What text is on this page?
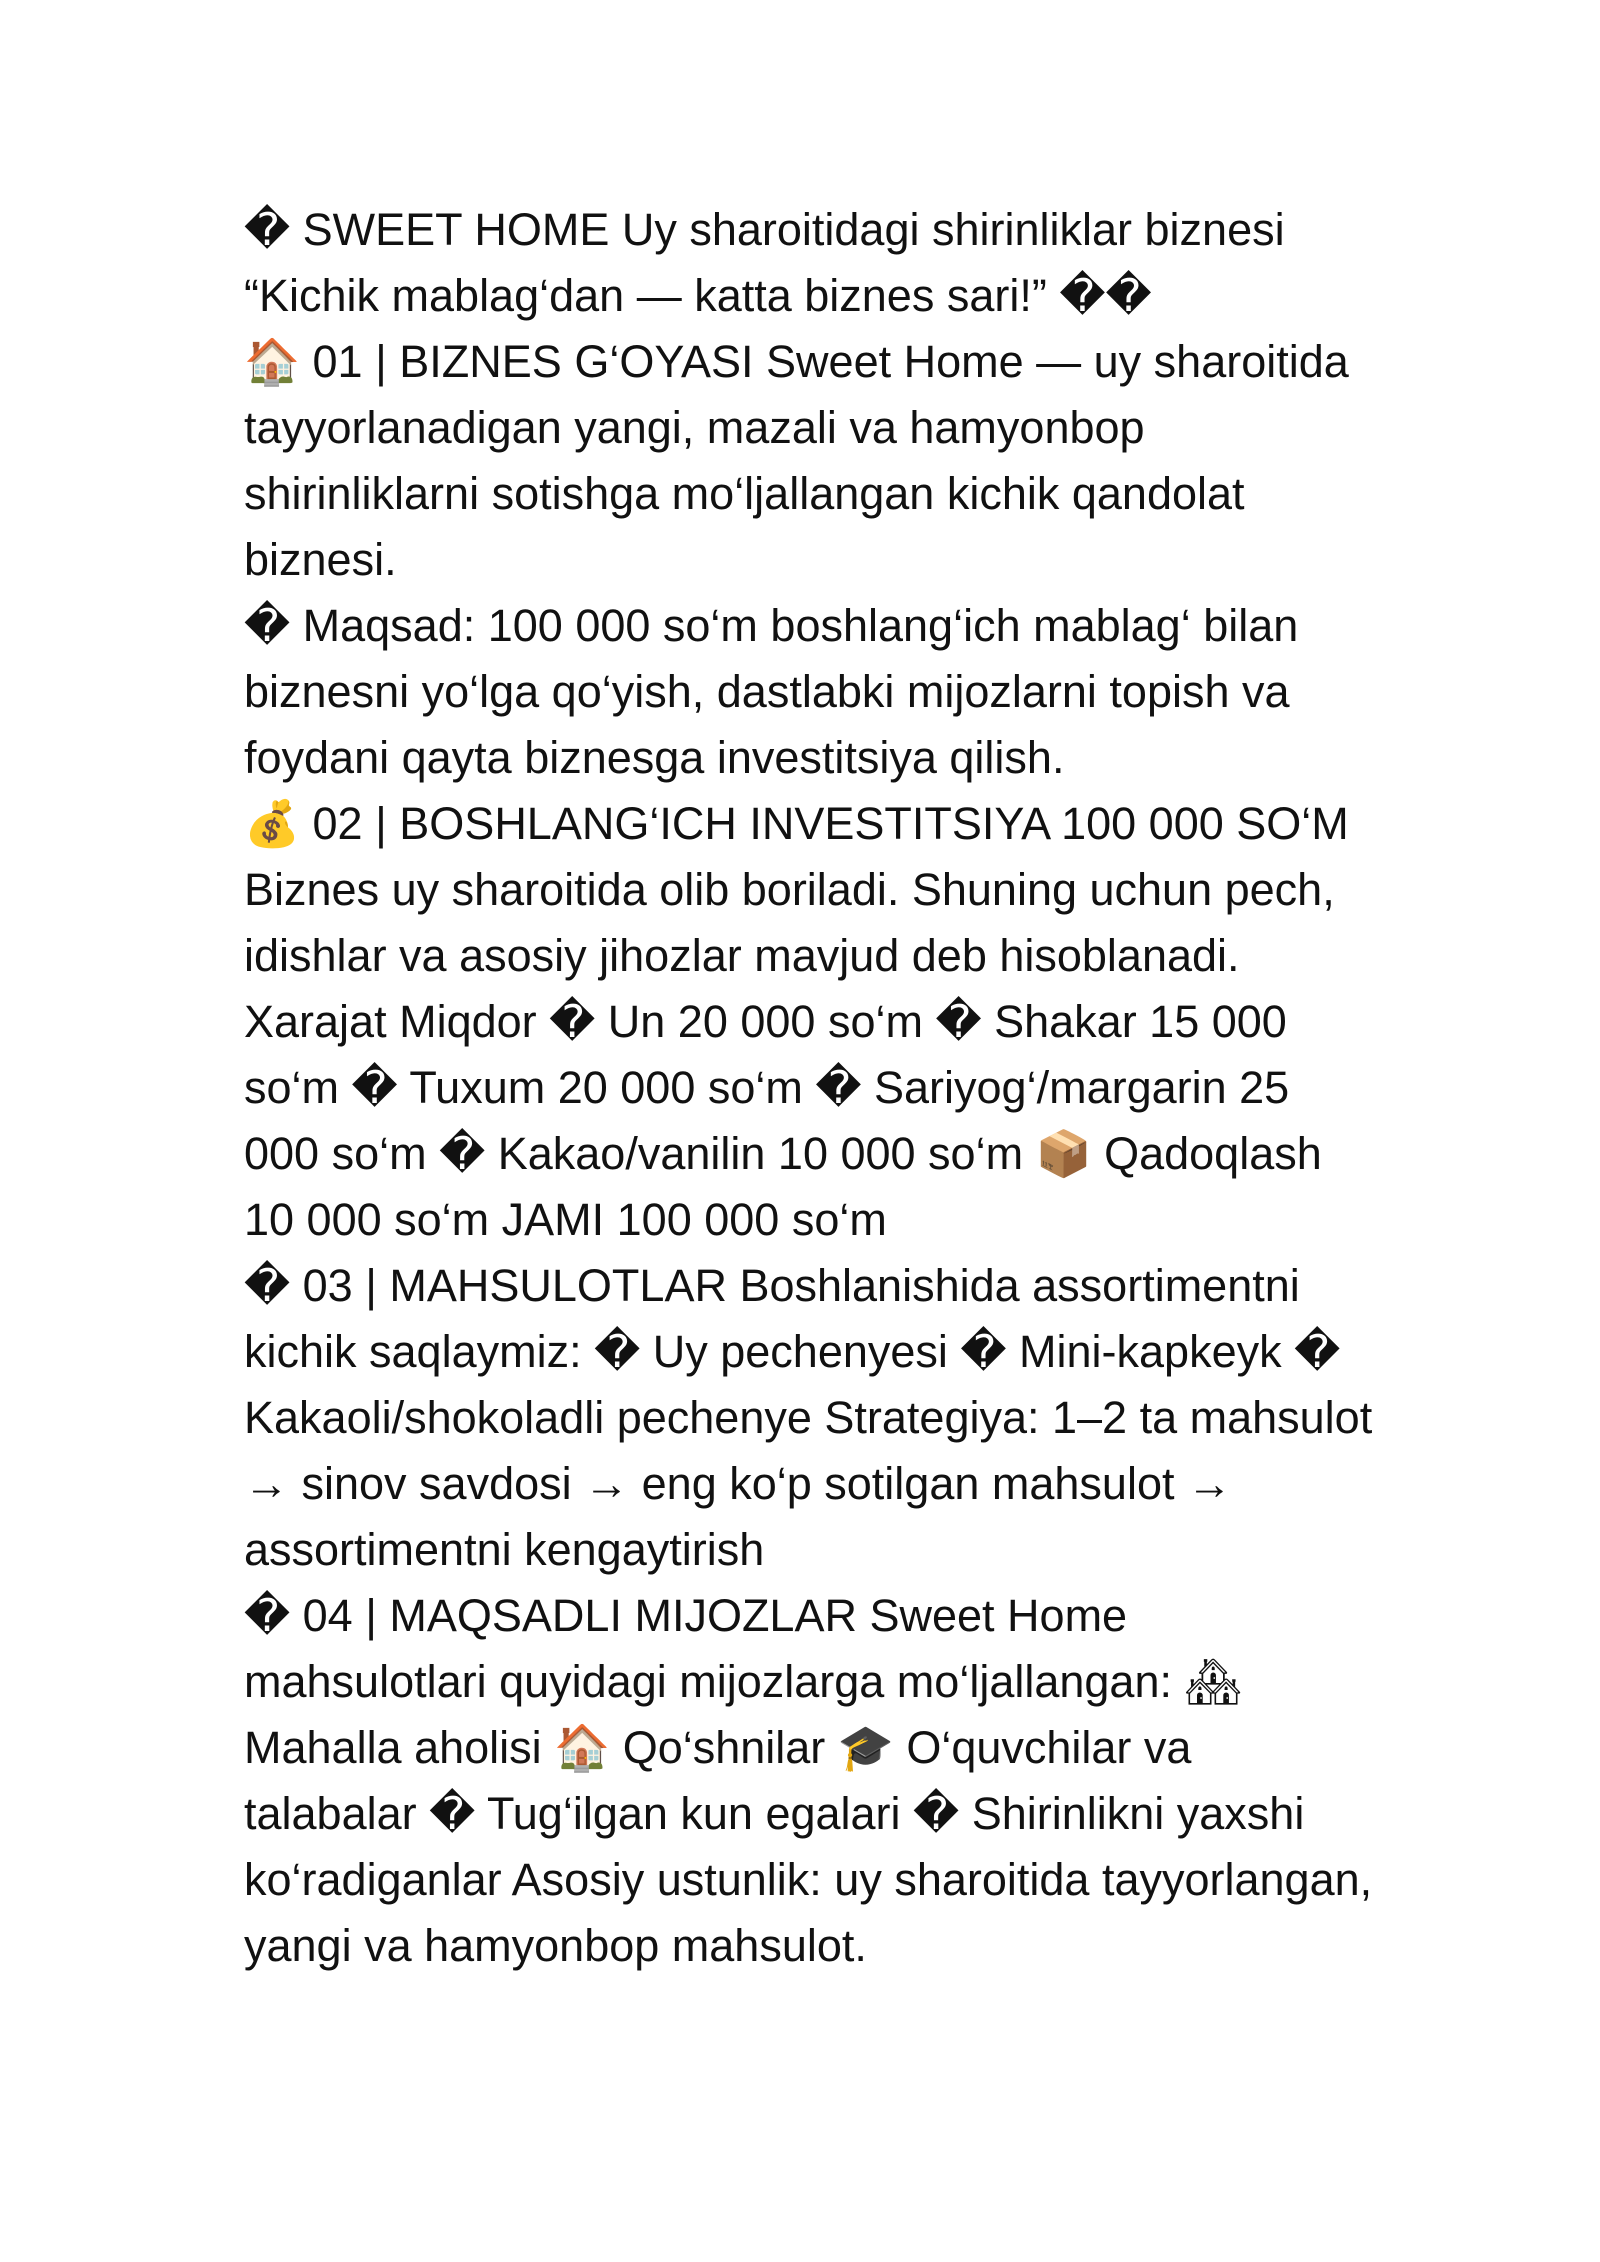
� SWEET HOME Uy sharoitidagi shirinliklar biznesi “Kichik mablag‘dan — katta biznes sari!” ��

🏠 01 | BIZNES G‘OYASI Sweet Home — uy sharoitida tayyorlanadigan yangi, mazali va hamyonbop shirinliklarni sotishga mo‘ljallangan kichik qandolat biznesi.

� Maqsad: 100 000 so‘m boshlang‘ich mablag‘ bilan biznesni yo‘lga qo‘yish, dastlabki mijozlarni topish va foydani qayta biznesga investitsiya qilish.

💰 02 | BOSHLANG‘ICH INVESTITSIYA 100 000 SO‘M Biznes uy sharoitida olib boriladi. Shuning uchun pech, idishlar va asosiy jihozlar mavjud deb hisoblanadi. Xarajat Miqdor � Un 20 000 so‘m � Shakar 15 000 so‘m � Tuxum 20 000 so‘m � Sariyog‘/margarin 25 000 so‘m � Kakao/vanilin 10 000 so‘m 📦 Qadoqlash 10 000 so‘m JAMI 100 000 so‘m

� 03 | MAHSULOTLAR Boshlanishida assortimentni kichik saqlaymiz: � Uy pechenyesi � Mini-kapkeyk � Kakaoli/shokoladli pechenye Strategiya: 1–2 ta mahsulot → sinov savdosi → eng ko‘p sotilgan mahsulot → assortimentni kengaytirish

� 04 | MAQSADLI MIJOZLAR Sweet Home mahsulotlari quyidagi mijozlarga mo‘ljallangan: 🏘 Mahalla aholisi 🏠 Qo‘shnilar 🎓 O‘quvchilar va talabalar � Tug‘ilgan kun egalari � Shirinlikni yaxshi ko‘radiganlar Asosiy ustunlik: uy sharoitida tayyorlangan, yangi va hamyonbop mahsulot.
